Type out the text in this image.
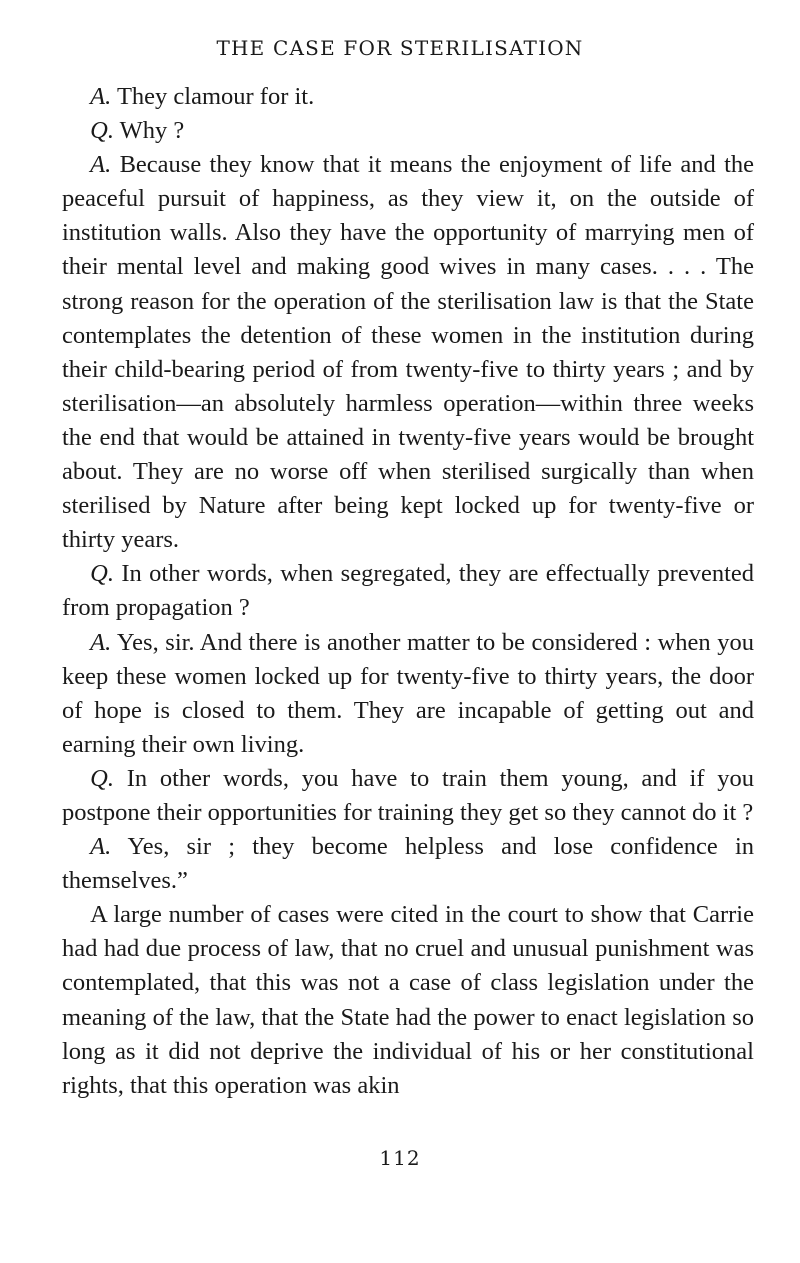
THE CASE FOR STERILISATION

A. They clamour for it.

Q. Why ?

A. Because they know that it means the enjoyment of life and the peaceful pursuit of happiness, as they view it, on the outside of institution walls. Also they have the opportunity of marrying men of their mental level and making good wives in many cases. . . . The strong reason for the operation of the sterilisation law is that the State contemplates the detention of these women in the institution during their child-bearing period of from twenty-five to thirty years ; and by sterilisation—an absolutely harmless operation—within three weeks the end that would be attained in twenty-five years would be brought about. They are no worse off when sterilised surgically than when sterilised by Nature after being kept locked up for twenty-five or thirty years.

Q. In other words, when segregated, they are effectually prevented from propagation ?

A. Yes, sir. And there is another matter to be considered : when you keep these women locked up for twenty-five to thirty years, the door of hope is closed to them. They are incapable of getting out and earning their own living.

Q. In other words, you have to train them young, and if you postpone their opportunities for training they get so they cannot do it ?

A. Yes, sir ; they become helpless and lose confidence in themselves.”

A large number of cases were cited in the court to show that Carrie had had due process of law, that no cruel and unusual punishment was contemplated, that this was not a case of class legislation under the meaning of the law, that the State had the power to enact legislation so long as it did not deprive the individual of his or her constitutional rights, that this operation was akin

112
